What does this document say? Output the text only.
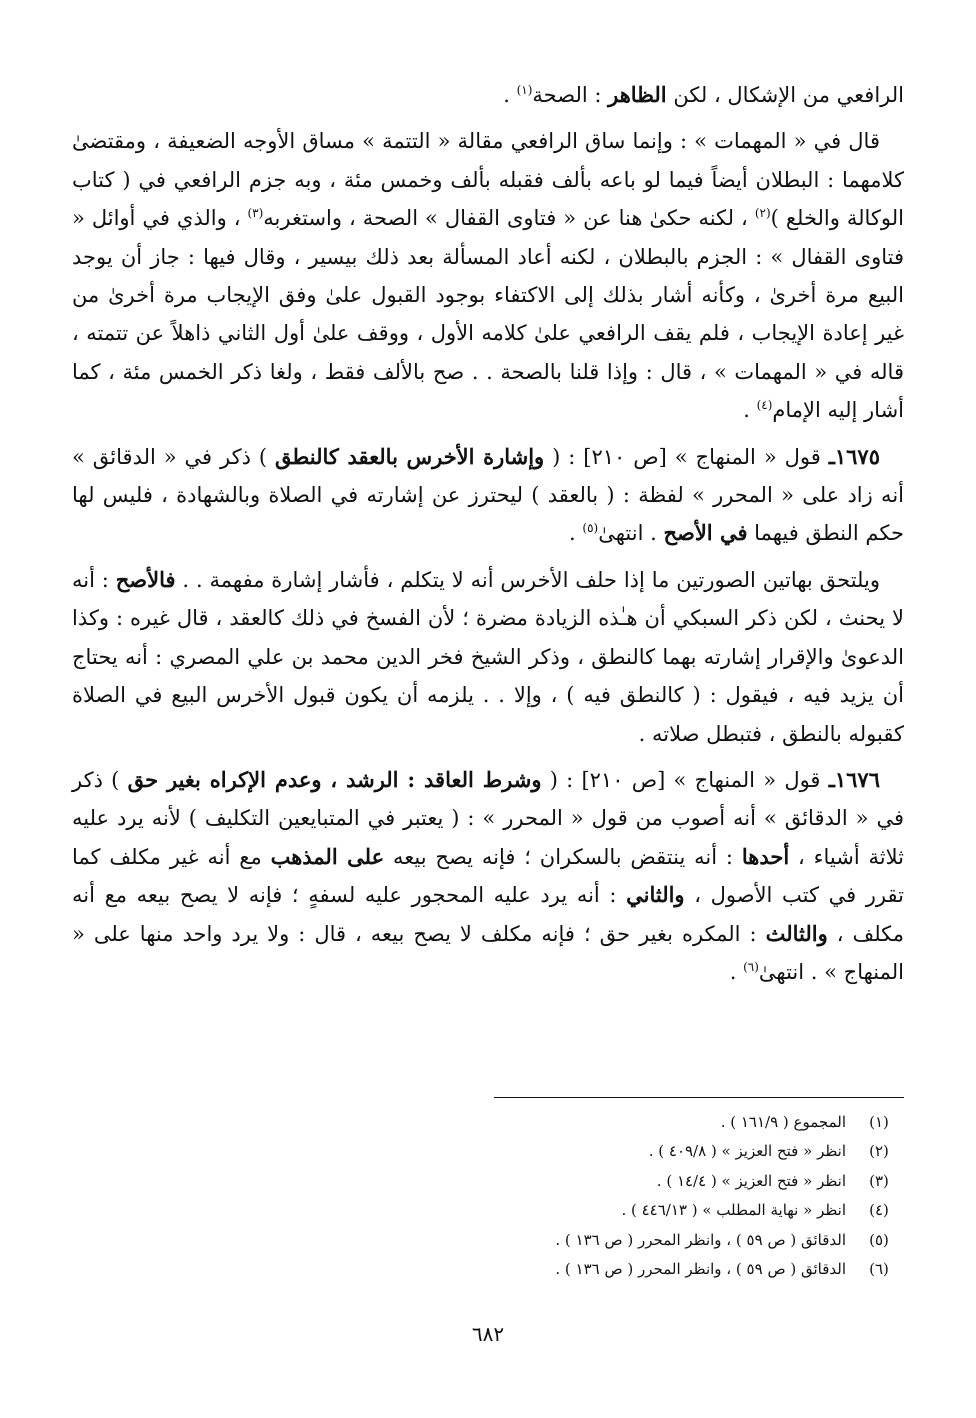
الرافعي من الإشكال ، لكن الظاهر : الصحة$^{(١)}$ .

قال في « المهمات » : وإنما ساق الرافعي مقالة « التتمة » مساق الأوجه الضعيفة ، ومقتضىٰ كلامهما : البطلان أيضاً فيما لو باعه بألف فقبله بألف وخمس مئة ، وبه جزم الرافعي في ( كتاب الوكالة والخلع )$^{(٢)}$ ، لكنه حكىٰ هنا عن « فتاوى القفال » الصحة ، واستغربه$^{(٣)}$ ، والذي في أوائل « فتاوى القفال » : الجزم بالبطلان ، لكنه أعاد المسألة بعد ذلك بيسير ، وقال فيها : جاز أن يوجد البيع مرة أخرىٰ ، وكأنه أشار بذلك إلى الاكتفاء بوجود القبول علىٰ وفق الإيجاب مرة أخرىٰ من غير إعادة الإيجاب ، فلم يقف الرافعي علىٰ كلامه الأول ، ووقف علىٰ أول الثاني ذاهلاً عن تتمته ، قاله في « المهمات » ، قال : وإذا قلنا بالصحة . . صح بالألف فقط ، ولغا ذكر الخمس مئة ، كما أشار إليه الإمام$^{(٤)}$ .

١٦٧٥ـ قول « المنهاج » [ص ٢١٠] : ( وإشارة الأخرس بالعقد كالنطق ) ذكر في « الدقائق » أنه زاد على « المحرر » لفظة : ( بالعقد ) ليحترز عن إشارته في الصلاة وبالشهادة ، فليس لها حكم النطق فيهما في الأصح . انتهىٰ$^{(٥)}$ .

ويلتحق بهاتين الصورتين ما إذا حلف الأخرس أنه لا يتكلم ، فأشار إشارة مفهمة . . فالأصح : أنه لا يحنث ، لكن ذكر السبكي أن هـٰذه الزيادة مضرة ؛ لأن الفسخ في ذلك كالعقد ، قال غيره : وكذا الدعوىٰ والإقرار إشارته بهما كالنطق ، وذكر الشيخ فخر الدين محمد بن علي المصري : أنه يحتاج أن يزيد فيه ، فيقول : ( كالنطق فيه ) ، وإلا . . يلزمه أن يكون قبول الأخرس البيع في الصلاة كقبوله بالنطق ، فتبطل صلاته .

١٦٧٦ـ قول « المنهاج » [ص ٢١٠] : ( وشرط العاقد : الرشد ، وعدم الإكراه بغير حق ) ذكر في « الدقائق » أنه أصوب من قول « المحرر » : ( يعتبر في المتبايعين التكليف ) لأنه يرد عليه ثلاثة أشياء ، أحدها : أنه ينتقض بالسكران ؛ فإنه يصح بيعه على المذهب مع أنه غير مكلف كما تقرر في كتب الأصول ، والثاني : أنه يرد عليه المحجور عليه لسفهٍ ؛ فإنه لا يصح بيعه مع أنه مكلف ، والثالث : المكره بغير حق ؛ فإنه مكلف لا يصح بيعه ، قال : ولا يرد واحد منها على « المنهاج » . انتهىٰ$^{(٦)}$ .

(١)
المجموع ( ١٦١/٩ ) .
(٢)
انظر « فتح العزيز » ( ٤٠٩/٨ ) .
(٣)
انظر « فتح العزيز » ( ١٤/٤ ) .
(٤)
انظر « نهاية المطلب » ( ٤٤٦/١٣ ) .
(٥)
الدقائق ( ص ٥٩ ) ، وانظر المحرر ( ص ١٣٦ ) .
(٦)
الدقائق ( ص ٥٩ ) ، وانظر المحرر ( ص ١٣٦ ) .
٦٨٢
